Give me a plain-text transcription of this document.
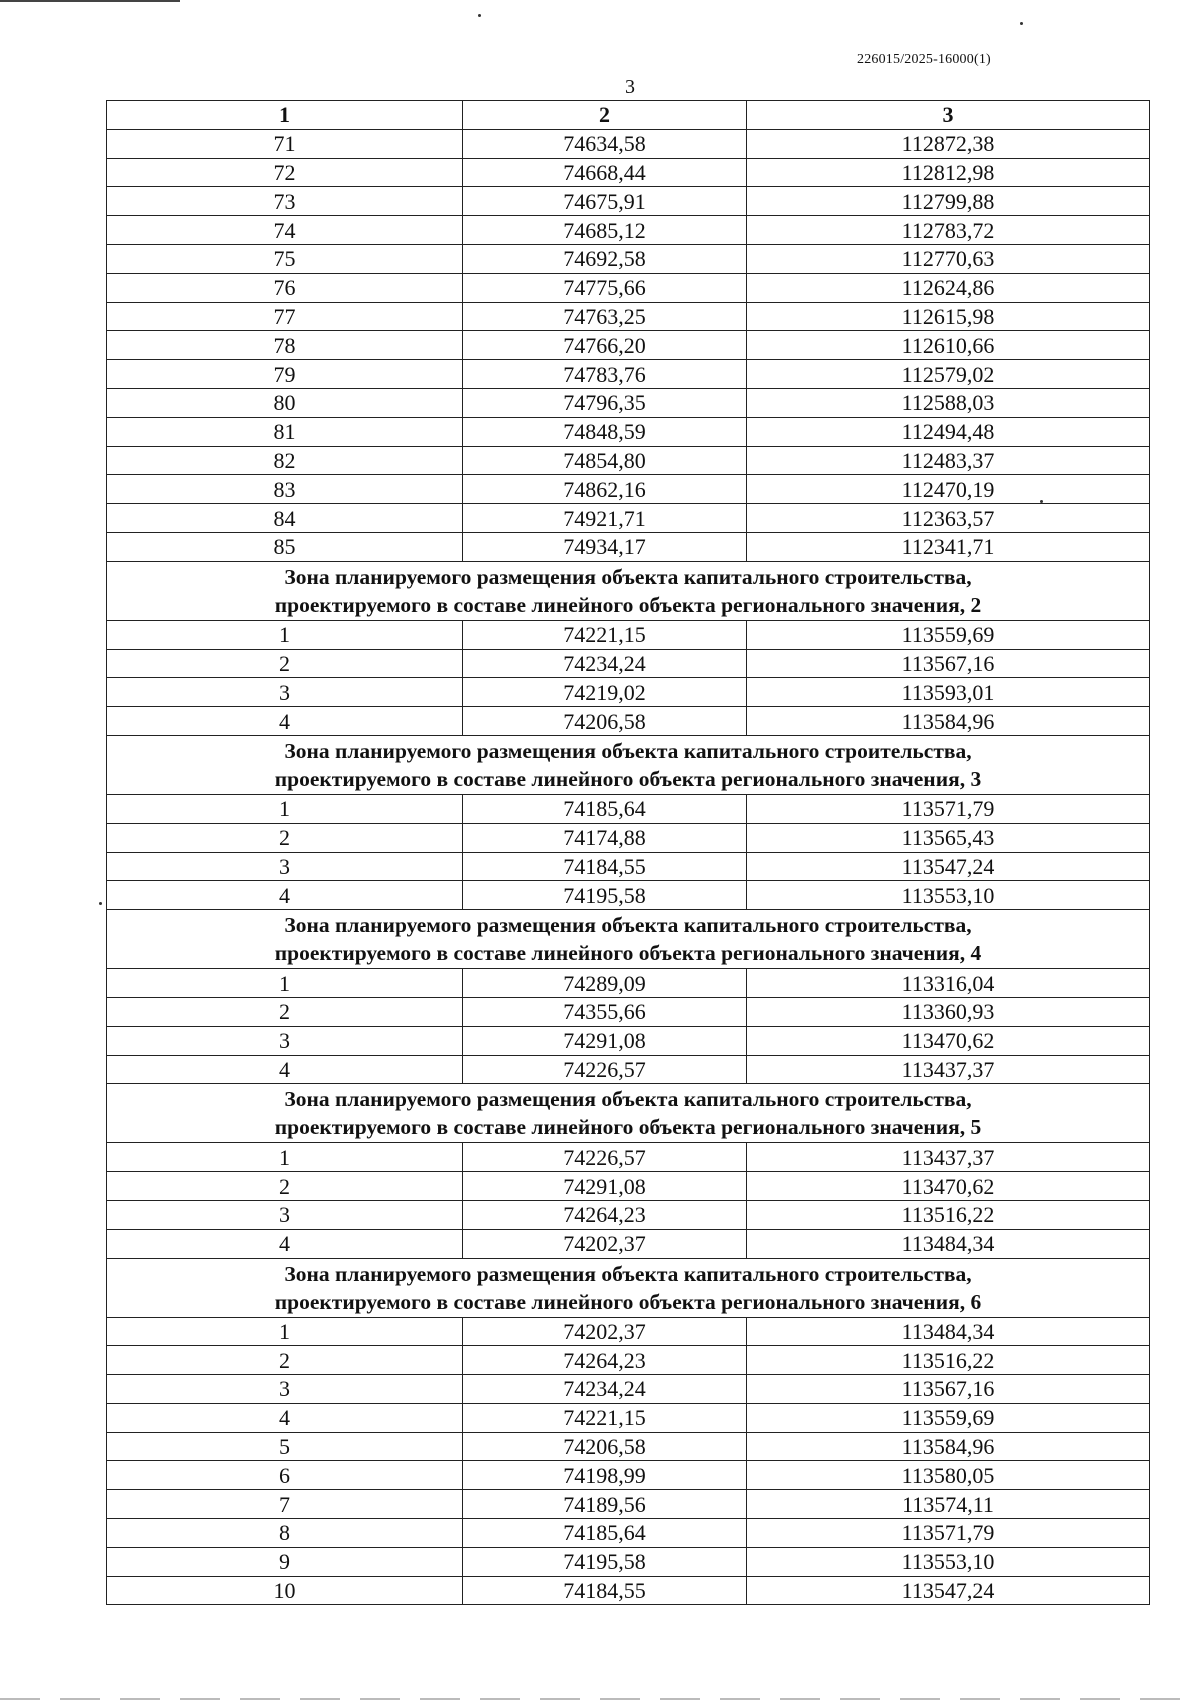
226015/2025-16000(1)
3
1	2	3
71	74634,58	112872,38
72	74668,44	112812,98
73	74675,91	112799,88
74	74685,12	112783,72
75	74692,58	112770,63
76	74775,66	112624,86
77	74763,25	112615,98
78	74766,20	112610,66
79	74783,76	112579,02
80	74796,35	112588,03
81	74848,59	112494,48
82	74854,80	112483,37
83	74862,16	112470,19
84	74921,71	112363,57
85	74934,17	112341,71
Зона планируемого размещения объекта капитального строительства,
проектируемого в составе линейного объекта регионального значения, 2		
1	74221,15	113559,69
2	74234,24	113567,16
3	74219,02	113593,01
4	74206,58	113584,96
Зона планируемого размещения объекта капитального строительства,
проектируемого в составе линейного объекта регионального значения, 3		
1	74185,64	113571,79
2	74174,88	113565,43
3	74184,55	113547,24
4	74195,58	113553,10
Зона планируемого размещения объекта капитального строительства,
проектируемого в составе линейного объекта регионального значения, 4		
1	74289,09	113316,04
2	74355,66	113360,93
3	74291,08	113470,62
4	74226,57	113437,37
Зона планируемого размещения объекта капитального строительства,
проектируемого в составе линейного объекта регионального значения, 5		
1	74226,57	113437,37
2	74291,08	113470,62
3	74264,23	113516,22
4	74202,37	113484,34
Зона планируемого размещения объекта капитального строительства,
проектируемого в составе линейного объекта регионального значения, 6		
1	74202,37	113484,34
2	74264,23	113516,22
3	74234,24	113567,16
4	74221,15	113559,69
5	74206,58	113584,96
6	74198,99	113580,05
7	74189,56	113574,11
8	74185,64	113571,79
9	74195,58	113553,10
10	74184,55	113547,24
